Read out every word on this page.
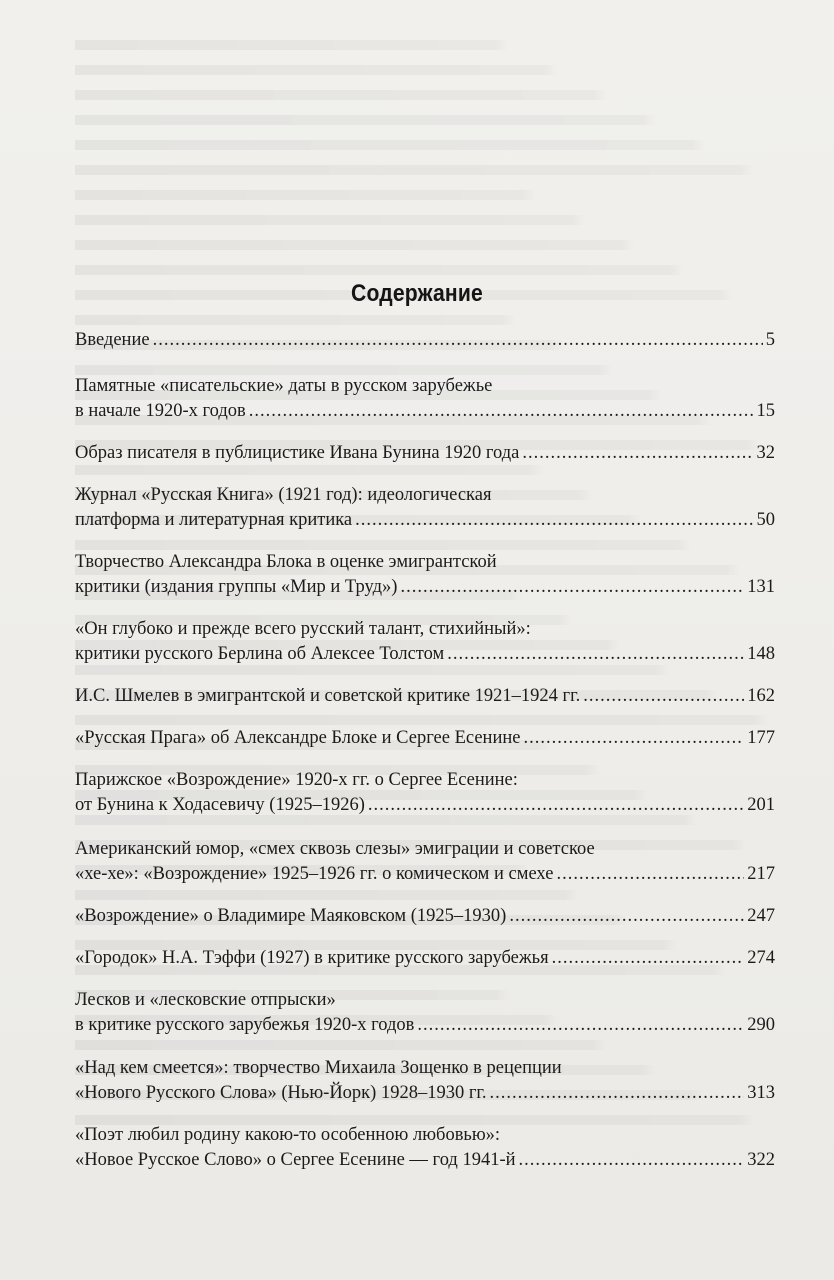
Содержание
Введение .....	5
Памятные «писательские» даты в русском зарубежье
в начале 1920-х годов .....	15
Образ писателя в публицистике Ивана Бунина 1920 года .....	32
Журнал «Русская Книга» (1921 год): идеологическая
платформа и литературная критика .....	50
Творчество Александра Блока в оценке эмигрантской
критики (издания группы «Мир и Труд») .....	131
«Он глубоко и прежде всего русский талант, стихийный»:
критики русского Берлина об Алексее Толстом .....	148
И.С. Шмелев в эмигрантской и советской критике 1921–1924 гг. .....	162
«Русская Прага» об Александре Блоке и Сергее Есенине .....	177
Парижское «Возрождение» 1920-х гг. о Сергее Есенине:
от Бунина к Ходасевичу (1925–1926) .....	201
Американский юмор, «смех сквозь слезы» эмиграции и советское
«хе-хе»: «Возрождение» 1925–1926 гг. о комическом и смехе .....	217
«Возрождение» о Владимире Маяковском (1925–1930) .....	247
«Городок» Н.А. Тэффи (1927) в критике русского зарубежья .....	274
Лесков и «лесковские отпрыски»
в критике русского зарубежья 1920-х годов .....	290
«Над кем смеется»: творчество Михаила Зощенко в рецепции
«Нового Русского Слова» (Нью-Йорк) 1928–1930 гг. .....	313
«Поэт любил родину какою-то особенною любовью»:
«Новое Русское Слово» о Сергее Есенине — год 1941-й .....	322
